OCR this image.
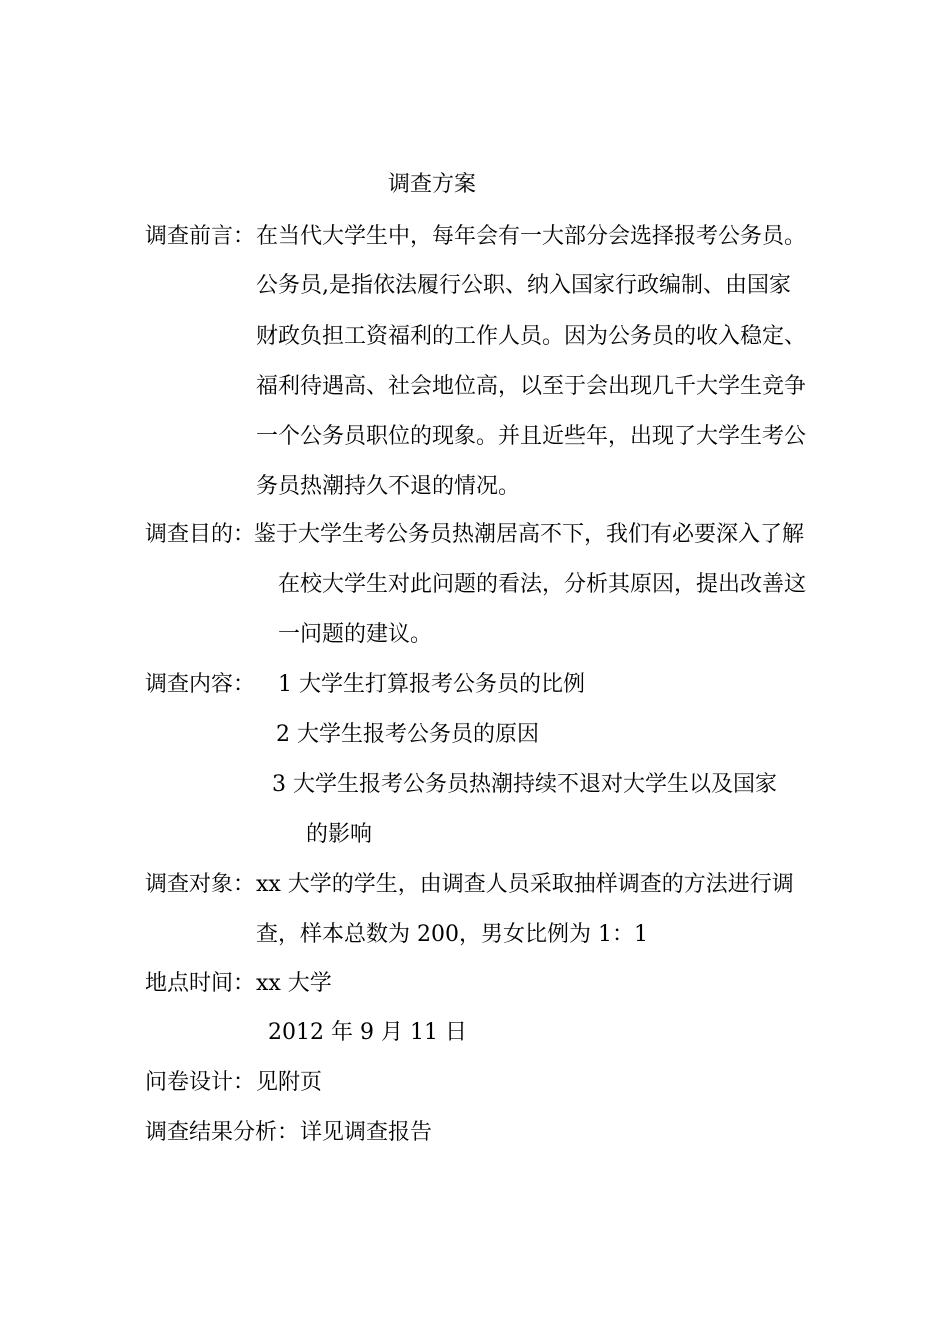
调查方案
调查前言： 在当代大学生中，每年会有一大部分会选择报考公务员。
公务员,是指依法履行公职、纳入国家行政编制、由国家
财政负担工资福利的工作人员。因为公务员的收入稳定、
福利待遇高、社会地位高，以至于会出现几千大学生竞争
一个公务员职位的现象。并且近些年，出现了大学生考公
务员热潮持久不退的情况。
调查目的：
鉴于大学生考公务员热潮居高不下，我们有必要深入了解
在校大学生对此问题的看法，分析其原因，提出改善这
一问题的建议。
调查内容： 1 大学生打算报考公务员的比例
2 大学生报考公务员的原因
3 大学生报考公务员热潮持续不退对大学生以及国家
的影响
调查对象： xx 大学的学生，由调查人员采取抽样调查的方法进行调
查，样本总数为 200，男女比例为 1：1
地点时间： xx 大学
2012 年 9 月 11 日
问卷设计： 见附页
调查结果分析： 详见调查报告
